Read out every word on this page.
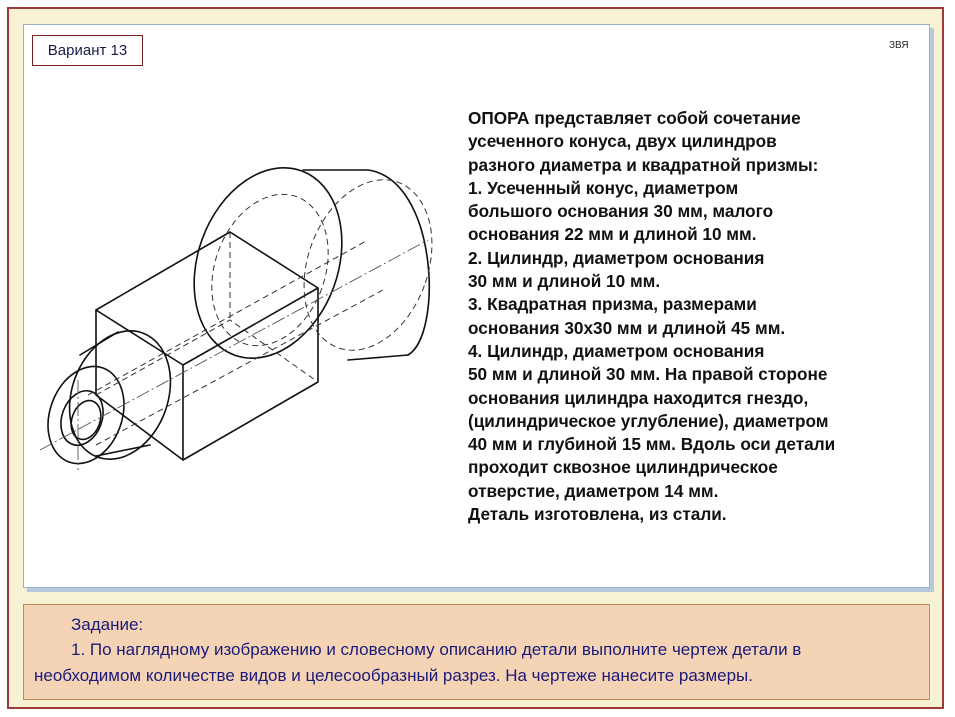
Вариант 13	ЗВЯ
ОПОРА представляет собой сочетание
усеченного конуса, двух цилиндров
разного диаметра и квадратной призмы:
1. Усеченный конус, диаметром
большого основания 30 мм, малого
основания 22 мм и длиной 10 мм.
2. Цилиндр, диаметром основания
30 мм и длиной 10 мм.
3. Квадратная призма, размерами
основания 30х30 мм и длиной 45 мм.
4. Цилиндр, диаметром основания
50 мм и длиной 30 мм. На правой стороне
основания цилиндра находится гнездо,
(цилиндрическое углубление), диаметром
40 мм и глубиной 15 мм. Вдоль оси детали
проходит сквозное цилиндрическое
отверстие, диаметром 14 мм.
Деталь изготовлена, из стали.
Задание:
1. По наглядному изображению и словесному описанию детали выполните чертеж детали в
необходимом количестве видов и целесообразный разрез. На чертеже нанесите размеры.
